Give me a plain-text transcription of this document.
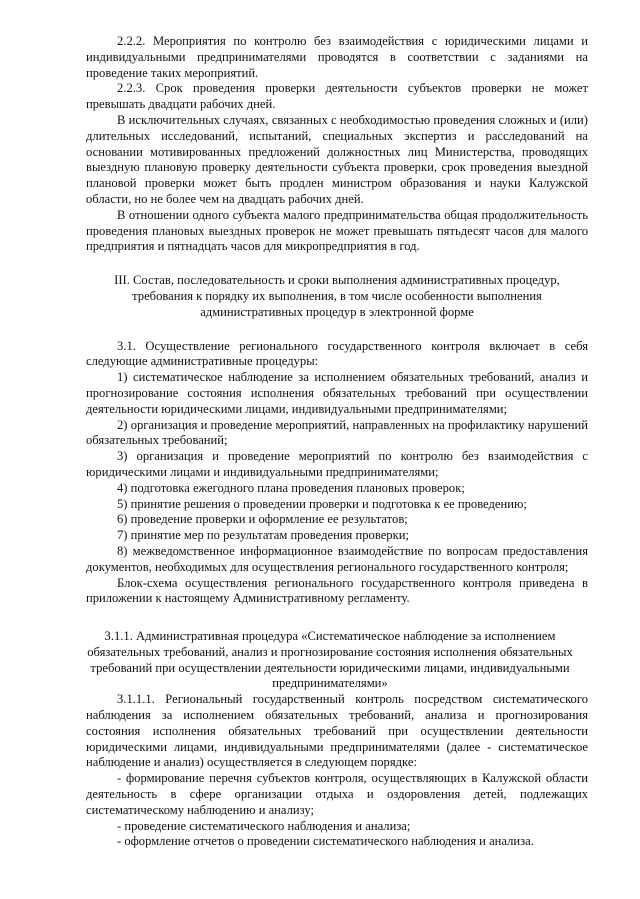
2.2.2. Мероприятия по контролю без взаимодействия с юридическими лицами и индивидуальными предпринимателями проводятся в соответствии с заданиями на проведение таких мероприятий.

2.2.3. Срок проведения проверки деятельности субъектов проверки не может превышать двадцати рабочих дней.

В исключительных случаях, связанных с необходимостью проведения сложных и (или) длительных исследований, испытаний, специальных экспертиз и расследований на основании мотивированных предложений должностных лиц Министерства, проводящих выездную плановую проверку деятельности субъекта проверки, срок проведения выездной плановой проверки может быть продлен министром образования и науки Калужской области, но не более чем на двадцать рабочих дней.

В отношении одного субъекта малого предпринимательства общая продолжительность проведения плановых выездных проверок не может превышать пятьдесят часов для малого предприятия и пятнадцать часов для микропредприятия в год.

III. Состав, последовательность и сроки выполнения административных процедур, требования к порядку их выполнения, в том числе особенности выполнения административных процедур в электронной форме

3.1. Осуществление регионального государственного контроля включает в себя следующие административные процедуры:

1) систематическое наблюдение за исполнением обязательных требований, анализ и прогнозирование состояния исполнения обязательных требований при осуществлении деятельности юридическими лицами, индивидуальными предпринимателями;

2) организация и проведение мероприятий, направленных на профилактику нарушений обязательных требований;

3) организация и проведение мероприятий по контролю без взаимодействия с юридическими лицами и индивидуальными предпринимателями;

4) подготовка ежегодного плана проведения плановых проверок;

5) принятие решения о проведении проверки и подготовка к ее проведению;

6) проведение проверки и оформление ее результатов;

7) принятие мер по результатам проведения проверки;

8) межведомственное информационное взаимодействие по вопросам предоставления документов, необходимых для осуществления регионального государственного контроля;

Блок-схема осуществления регионального государственного контроля приведена в приложении к настоящему Административному регламенту.

3.1.1. Административная процедура «Систематическое наблюдение за исполнением обязательных требований, анализ и прогнозирование состояния исполнения обязательных требований при осуществлении деятельности юридическими лицами, индивидуальными предпринимателями»

3.1.1.1. Региональный государственный контроль посредством систематического наблюдения за исполнением обязательных требований, анализа и прогнозирования состояния исполнения обязательных требований при осуществлении деятельности юридическими лицами, индивидуальными предпринимателями (далее - систематическое наблюдение и анализ) осуществляется в следующем порядке:

- формирование перечня субъектов контроля, осуществляющих в Калужской области деятельность в сфере организации отдыха и оздоровления детей, подлежащих систематическому наблюдению и анализу;

- проведение систематического наблюдения и анализа;

- оформление отчетов о проведении систематического наблюдения и анализа.
